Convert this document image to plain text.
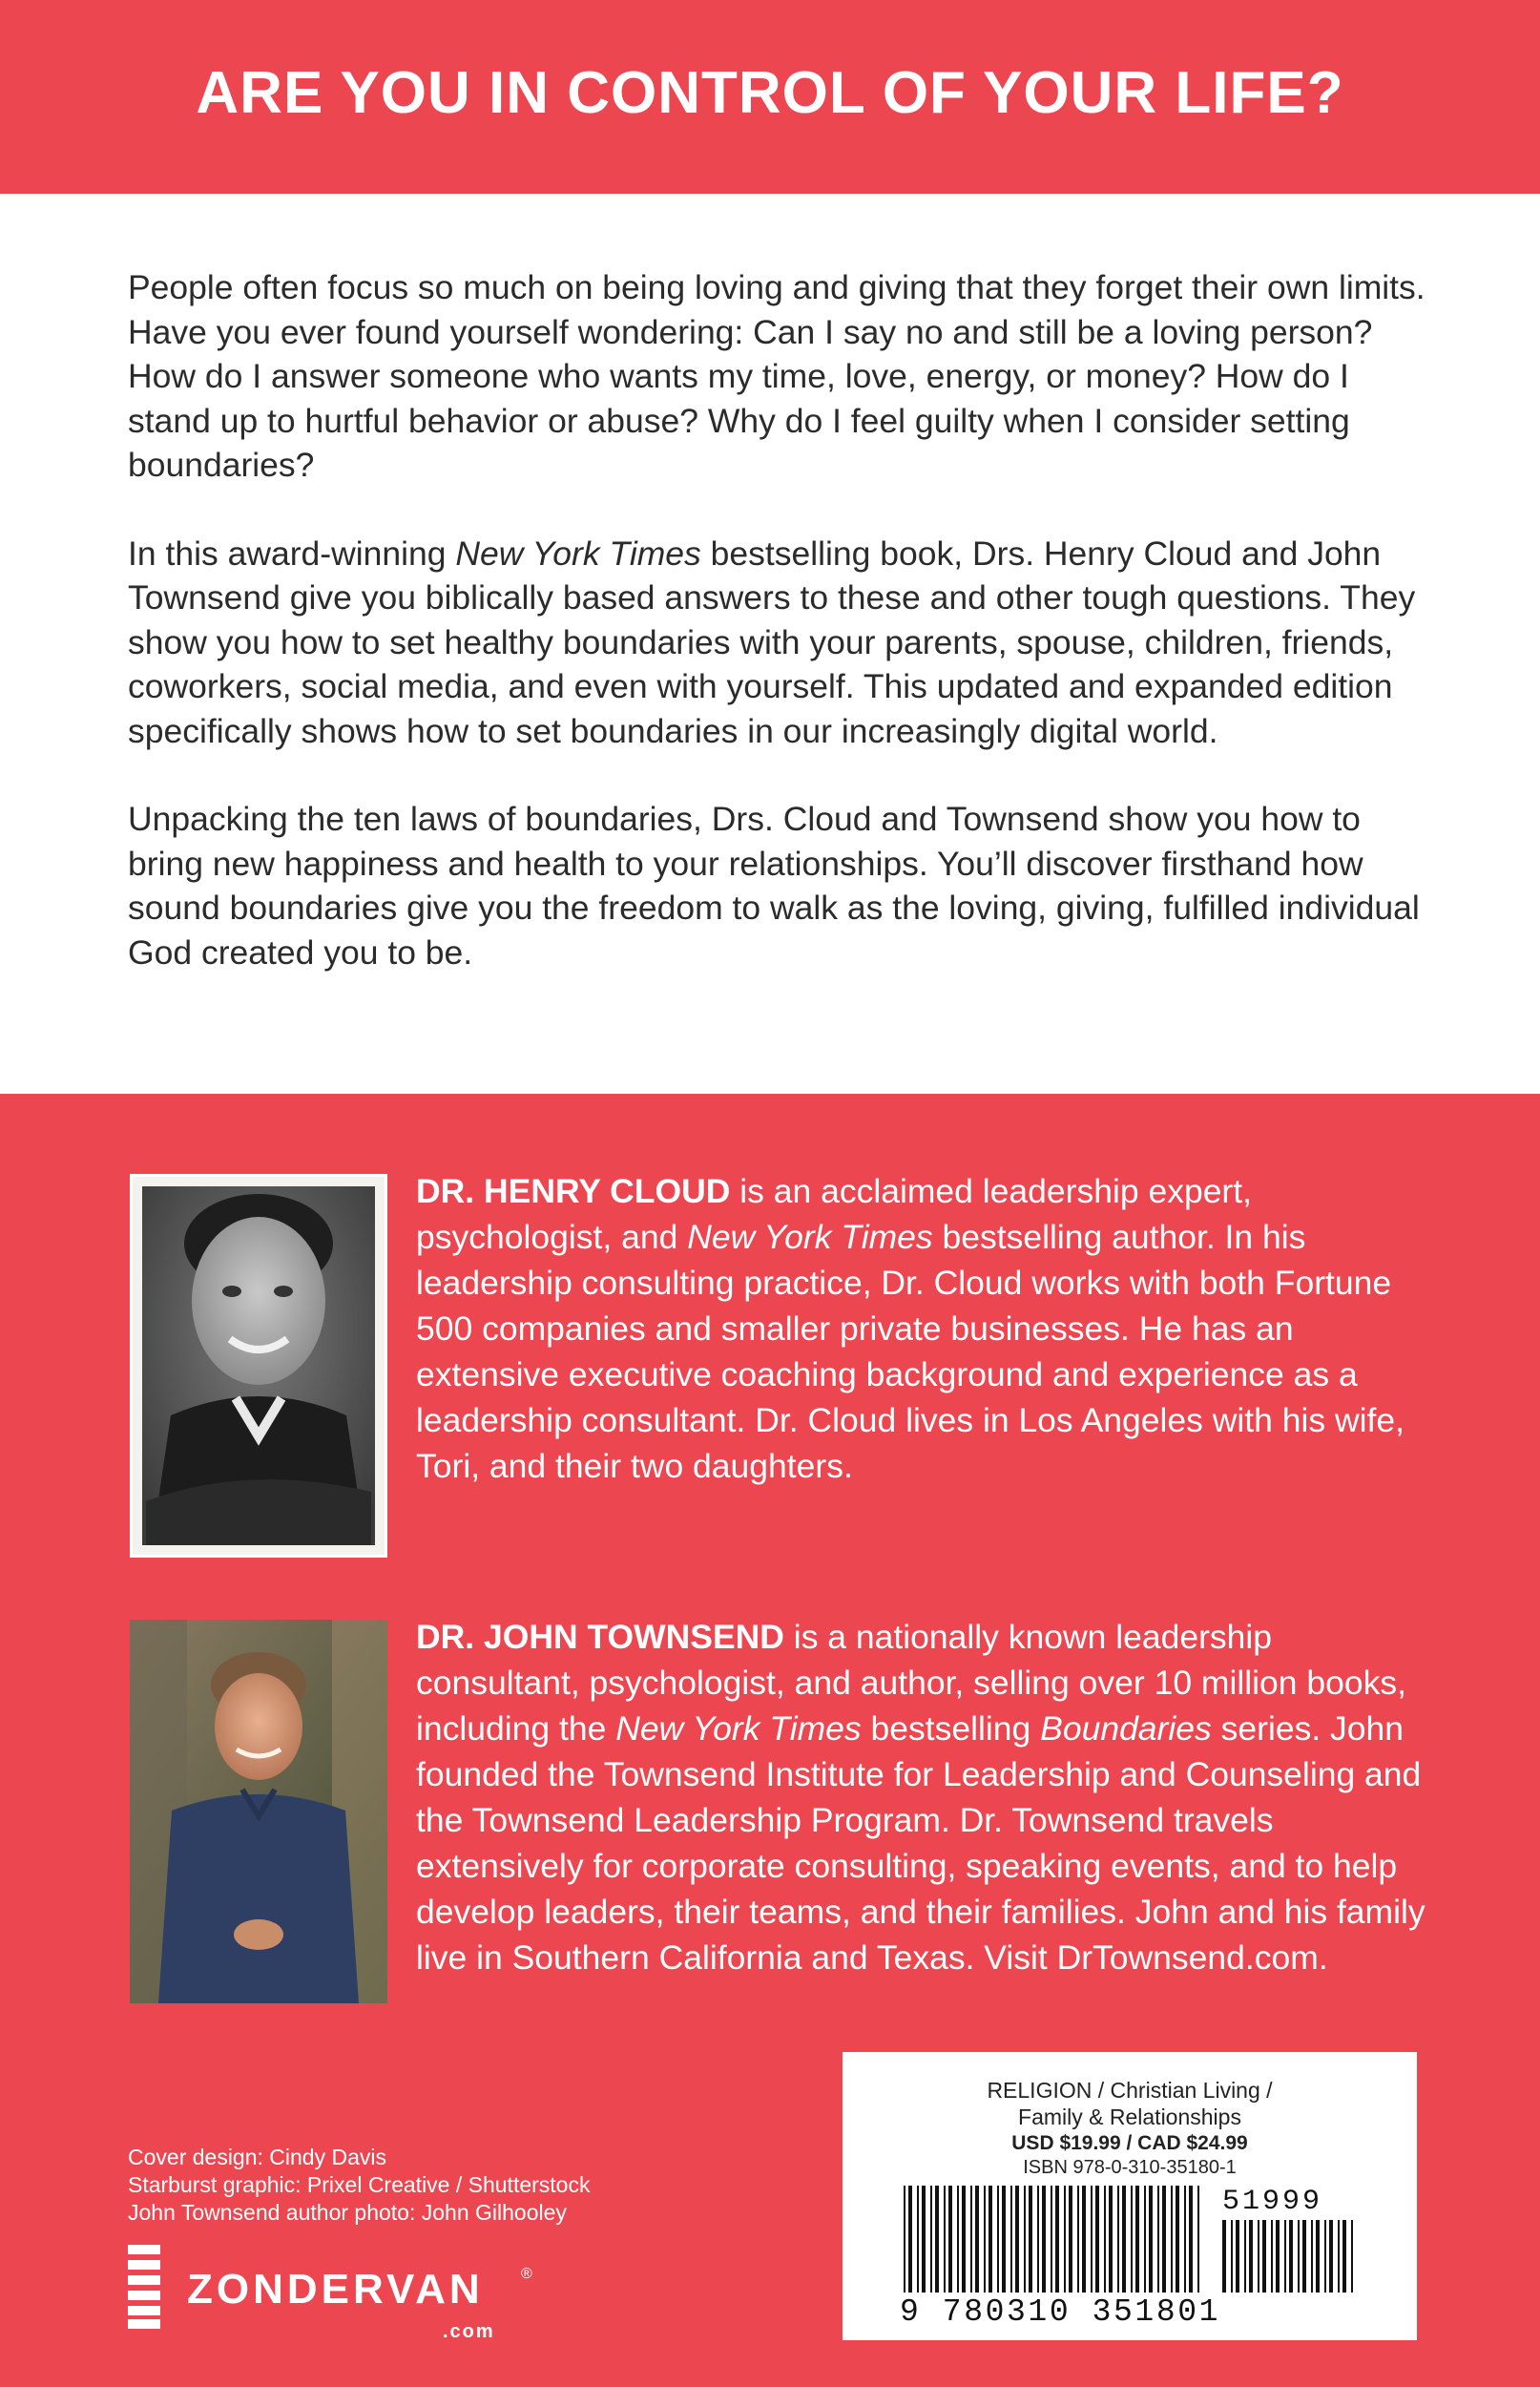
ARE YOU IN CONTROL OF YOUR LIFE?

People often focus so much on being loving and giving that they forget their own limits. Have you ever found yourself wondering: Can I say no and still be a loving person? How do I answer someone who wants my time, love, energy, or money? How do I stand up to hurtful behavior or abuse? Why do I feel guilty when I consider setting boundaries?

In this award-winning New York Times bestselling book, Drs. Henry Cloud and John Townsend give you biblically based answers to these and other tough questions. They show you how to set healthy boundaries with your parents, spouse, children, friends, coworkers, social media, and even with yourself. This updated and expanded edition specifically shows how to set boundaries in our increasingly digital world.

Unpacking the ten laws of boundaries, Drs. Cloud and Townsend show you how to bring new happiness and health to your relationships. You’ll discover firsthand how sound boundaries give you the freedom to walk as the loving, giving, fulfilled individual God created you to be.

DR. HENRY CLOUD is an acclaimed leadership expert, psychologist, and New York Times bestselling author. In his leadership consulting practice, Dr. Cloud works with both Fortune 500 companies and smaller private businesses. He has an extensive executive coaching background and experience as a leadership consultant. Dr. Cloud lives in Los Angeles with his wife, Tori, and their two daughters.
DR. JOHN TOWNSEND is a nationally known leadership consultant, psychologist, and author, selling over 10 million books, including the New York Times bestselling Boundaries series. John founded the Townsend Institute for Leadership and Counseling and the Townsend Leadership Program. Dr. Townsend travels extensively for corporate consulting, speaking events, and to help develop leaders, their teams, and their families. John and his family live in Southern California and Texas. Visit DrTownsend.com.
Cover design: Cindy Davis
Starburst graphic: Prixel Creative / Shutterstock
John Townsend author photo: John Gilhooley
ZONDERVAN ®
.com
RELIGION / Christian Living /
Family & Relationships
USD $19.99 / CAD $24.99
ISBN 978-0-310-35180-1
51999
9 780310 351801
